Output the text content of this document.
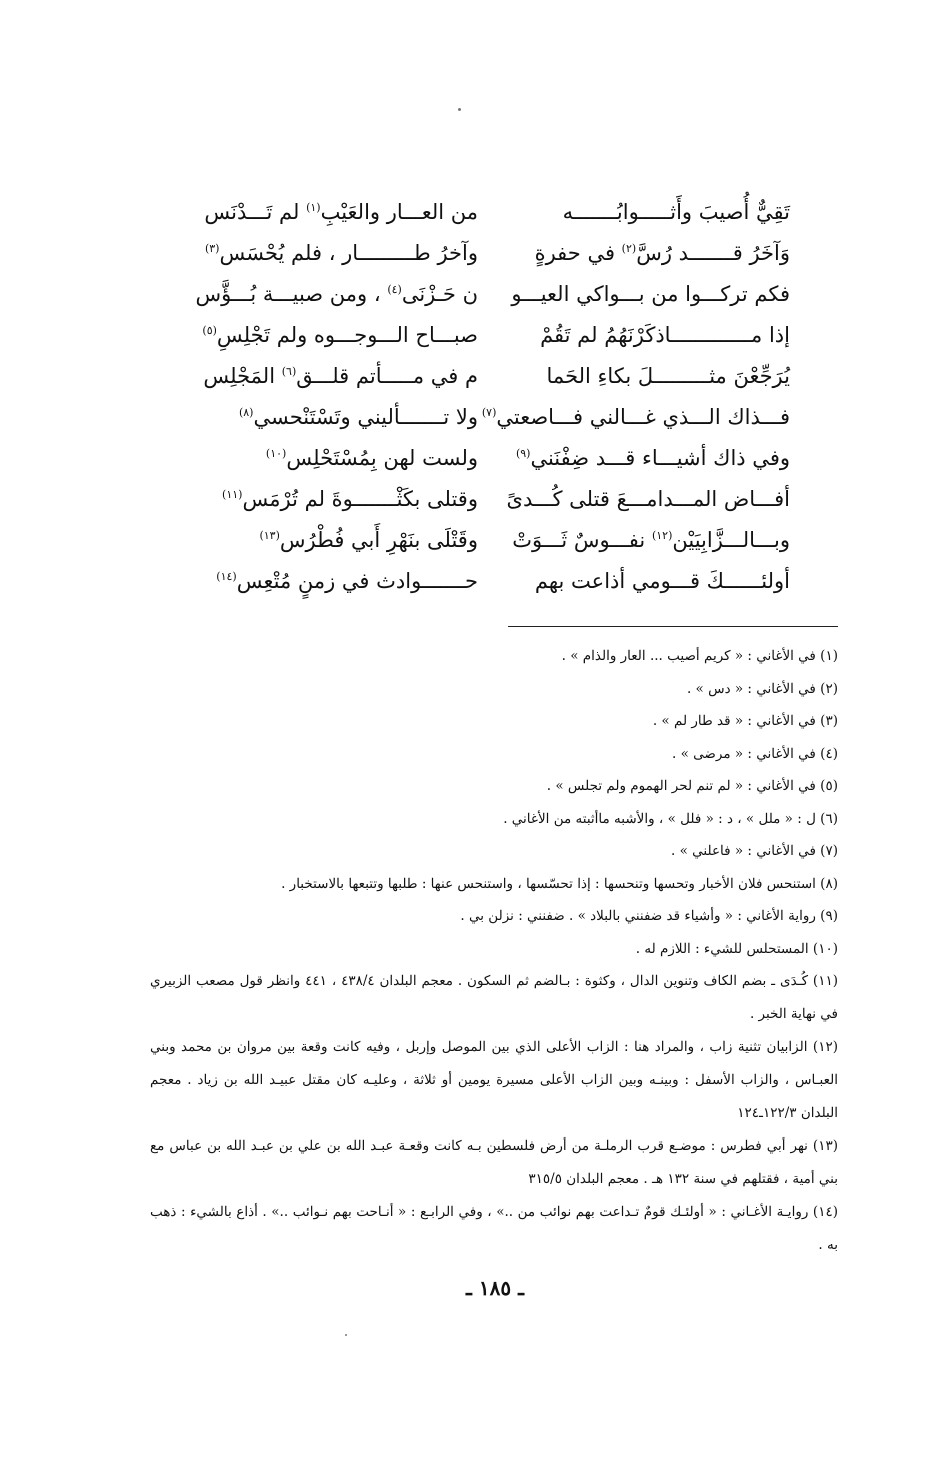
تَقِيٌّ أُصيبَ وأَثـــــوابُـــــــه
من العـــار والعَيْبِ$^{(١)}$ لم تَـــدْنَس
وَآخَرُ قـــــــد رُسَّ$^{(٢)}$ في حفرةٍ
وآخرُ طـــــــــار ، فلم يُحْسَس$^{(٣)}$
فكم تركـــوا من بـــواكي العيـــو
ن حَـزْنَى$^{(٤)}$ ، ومن صبيـــة بُـــؤَّس
إذا مـــــــــــــاذكَرْنَهُمُ لم تَقُمْ
صبـــاح الـــوجـــوه ولم تَجْلِسِ$^{(٥)}$
يُرَجِّعْنَ مثـــــــــلَ بكاءِ الحَما
م في مـــــأتم قلـــق$^{(٦)}$ المَجْلِس
فـــذاك الـــذي غـــالني فـــاصعتي$^{(٧)}$
ولا تـــــــأليني وتَسْتَنْحسي$^{(٨)}$
وفي ذاك أشيـــاء قـــد ضِفْنَني$^{(٩)}$
ولست لهن بِمُسْتَحْلِس$^{(١٠)}$
أفـــاض المـــدامـــعَ قتلى كُـــدىً
وقتلى بكَثْـــــــوةَ لم تُرْمَس$^{(١١)}$
وبـــالـــزَّابِيَيْن$^{(١٢)}$ نفـــوسٌ ثَـــوَتْ
وقَتْلَى بنَهْرِ أَبي فُطْرُس$^{(١٣)}$
أولئــــــكَ قـــومي أذاعت بهم
حـــــــوادث في زمنٍ مُتْعِس$^{(١٤)}$
(١) في الأغاني : « كريم أصيب ... العار والذام » .
(٢) في الأغاني : « دس » .
(٣) في الأغاني : « قد طار لم » .
(٤) في الأغاني : « مرضى » .
(٥) في الأغاني : « لم تنم لحر الهموم ولم تجلس » .
(٦) ل : « ملل » ، د : « فلل » ، والأشبه ماأثبته من الأغاني .
(٧) في الأغاني : « فاعلني » .
(٨) استنحس فلان الأخبار وتحسها وتنحسها : إذا تحسّسها ، واستنحس عنها : طلبها وتتبعها بالاستخبار .
(٩) رواية الأغاني : « وأشياء قد ضفنني بالبلاد » . ضفنني : نزلن بي .
(١٠) المستحلس للشيء : اللازم له .
(١١) كُـدَى ـ بضم الكاف وتنوين الدال ، وكثوة : بـالضم ثم السكون . معجم البلدان ٤٣٨/٤ ، ٤٤١ وانظر قول مصعب الزبيري في نهاية الخبر .
(١٢) الزابيان تثنية زاب ، والمراد هنا : الزاب الأعلى الذي بين الموصل وإربل ، وفيه كانت وقعة بين مروان بن محمد وبني العبـاس ، والزاب الأسفل : وبينـه وبين الزاب الأعلى مسيرة يومين أو ثلاثة ، وعليـه كان مقتل عبيـد الله بن زياد . معجم البلدان ١٢٢/٣ـ١٢٤
(١٣) نهر أبي فطرس : موضـع قرب الرملـة من أرض فلسطين بـه كانت وقعـة عبـد الله بن علي بن عبـد الله بن عباس مع بني أمية ، فقتلهم في سنة ١٣٢ هـ . معجم البلدان ٣١٥/٥
(١٤) روايـة الأغـاني : « أولئـك قومٌ تـداعت بهم نوائب من ..» ، وفي الرابـع : « أنـاحت بهم نـوائب ..» . أذاع بالشيء : ذهب به .
ـ ١٨٥ ـ
